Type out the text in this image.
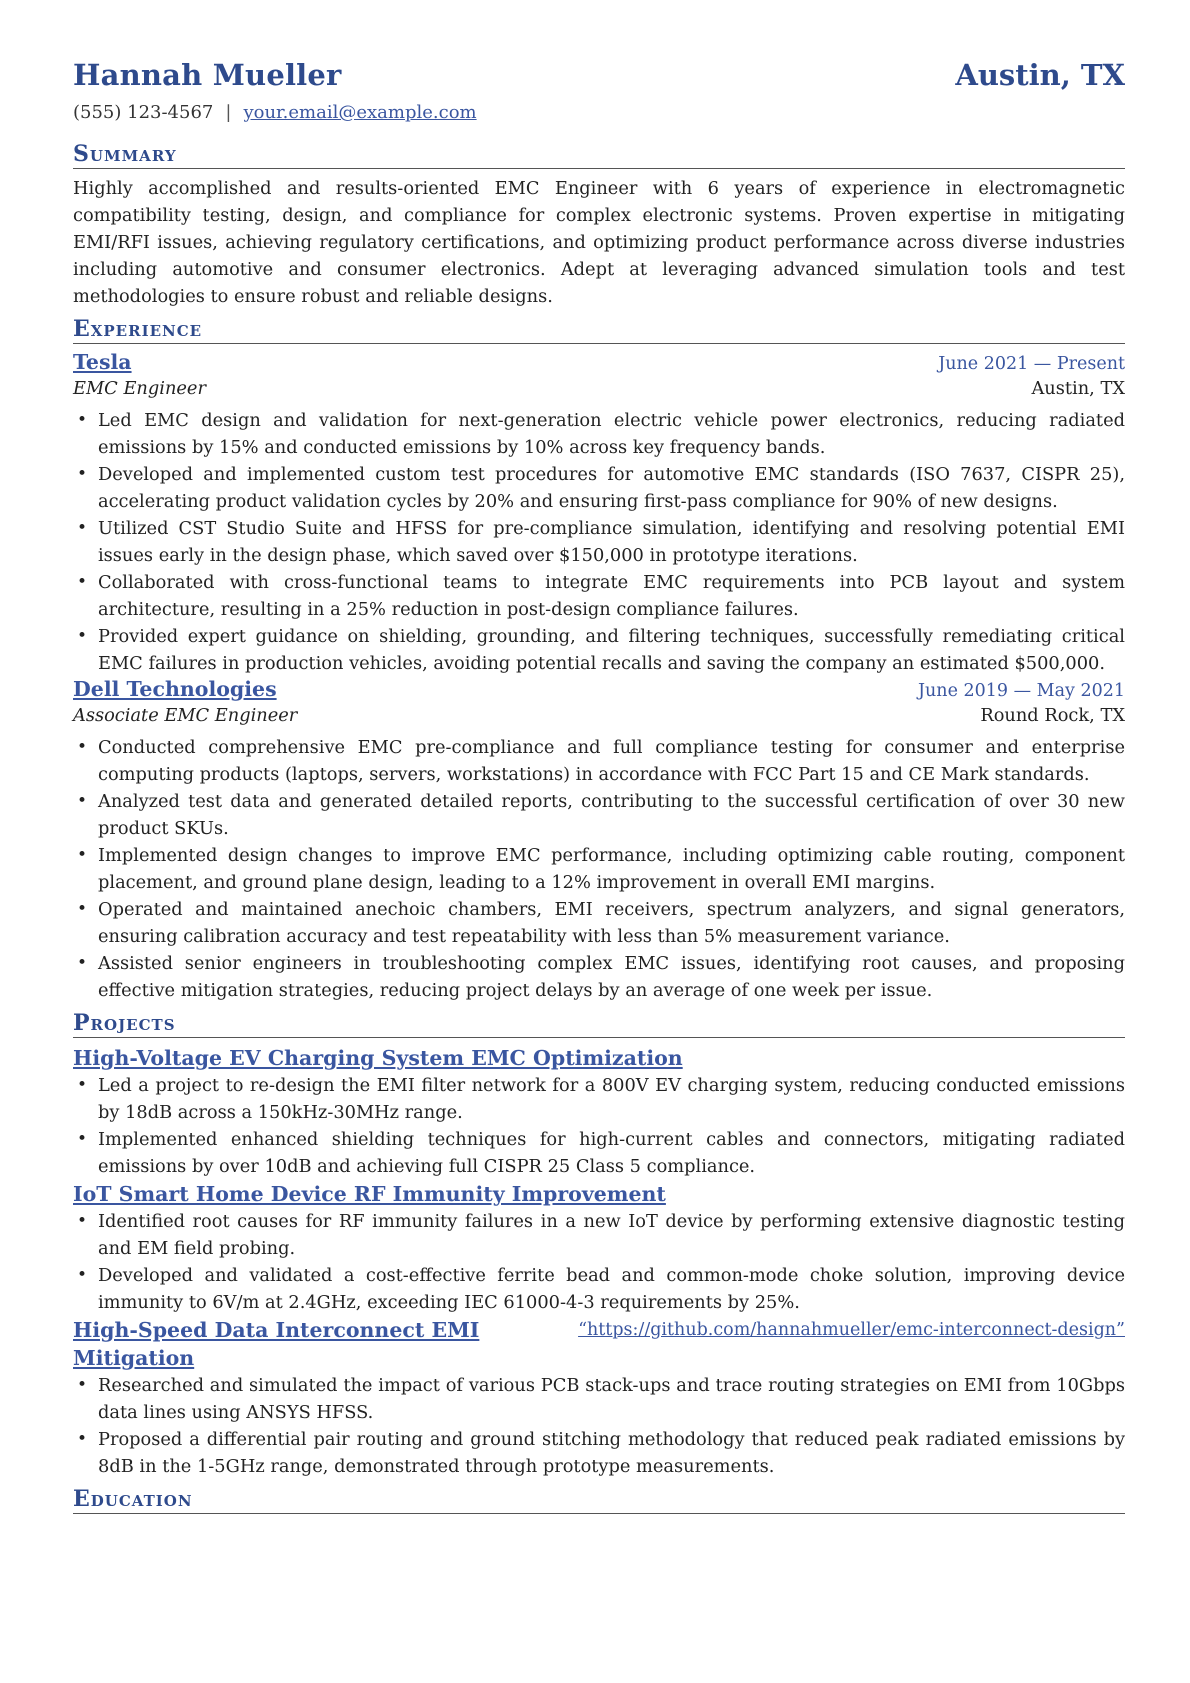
Hannah Mueller	Austin, TX
(555) 123-4567 | your.email@example.com
Summary
Highly accomplished and results-oriented EMC Engineer with 6 years of experience in electromagnetic compatibility testing, design, and compliance for complex electronic systems. Proven expertise in mitigating EMI/RFI issues, achieving regulatory certifications, and optimizing product performance across diverse industries including automotive and consumer electronics. Adept at leveraging advanced simulation tools and test methodologies to ensure robust and reliable designs.
Experience
Tesla	June 2021 — Present
EMC Engineer	Austin, TX
• Led EMC design and validation for next-generation electric vehicle power electronics, reducing radiated emissions by 15% and conducted emissions by 10% across key frequency bands.
• Developed and implemented custom test procedures for automotive EMC standards (ISO 7637, CISPR 25), accelerating product validation cycles by 20% and ensuring first-pass compliance for 90% of new designs.
• Utilized CST Studio Suite and HFSS for pre-compliance simulation, identifying and resolving potential EMI issues early in the design phase, which saved over $150,000 in prototype iterations.
• Collaborated with cross-functional teams to integrate EMC requirements into PCB layout and system architecture, resulting in a 25% reduction in post-design compliance failures.
• Provided expert guidance on shielding, grounding, and filtering techniques, successfully remediating critical EMC failures in production vehicles, avoiding potential recalls and saving the company an estimated $500,000.
Dell Technologies	June 2019 — May 2021
Associate EMC Engineer	Round Rock, TX
• Conducted comprehensive EMC pre-compliance and full compliance testing for consumer and enterprise computing products (laptops, servers, workstations) in accordance with FCC Part 15 and CE Mark standards.
• Analyzed test data and generated detailed reports, contributing to the successful certification of over 30 new product SKUs.
• Implemented design changes to improve EMC performance, including optimizing cable routing, component placement, and ground plane design, leading to a 12% improvement in overall EMI margins.
• Operated and maintained anechoic chambers, EMI receivers, spectrum analyzers, and signal generators, ensuring calibration accuracy and test repeatability with less than 5% measurement variance.
• Assisted senior engineers in troubleshooting complex EMC issues, identifying root causes, and proposing effective mitigation strategies, reducing project delays by an average of one week per issue.
Projects
High-Voltage EV Charging System EMC Optimization
• Led a project to re-design the EMI filter network for a 800V EV charging system, reducing conducted emissions by 18dB across a 150kHz-30MHz range.
• Implemented enhanced shielding techniques for high-current cables and connectors, mitigating radiated emissions by over 10dB and achieving full CISPR 25 Class 5 compliance.
IoT Smart Home Device RF Immunity Improvement
• Identified root causes for RF immunity failures in a new IoT device by performing extensive diagnostic testing and EM field probing.
• Developed and validated a cost-effective ferrite bead and common-mode choke solution, improving device immunity to 6V/m at 2.4GHz, exceeding IEC 61000-4-3 requirements by 25%.
High-Speed Data Interconnect EMI Mitigation
“https://github.com/hannahmueller/emc-interconnect-design”
• Researched and simulated the impact of various PCB stack-ups and trace routing strategies on EMI from 10Gbps data lines using ANSYS HFSS.
• Proposed a differential pair routing and ground stitching methodology that reduced peak radiated emissions by 8dB in the 1-5GHz range, demonstrated through prototype measurements.
Education
